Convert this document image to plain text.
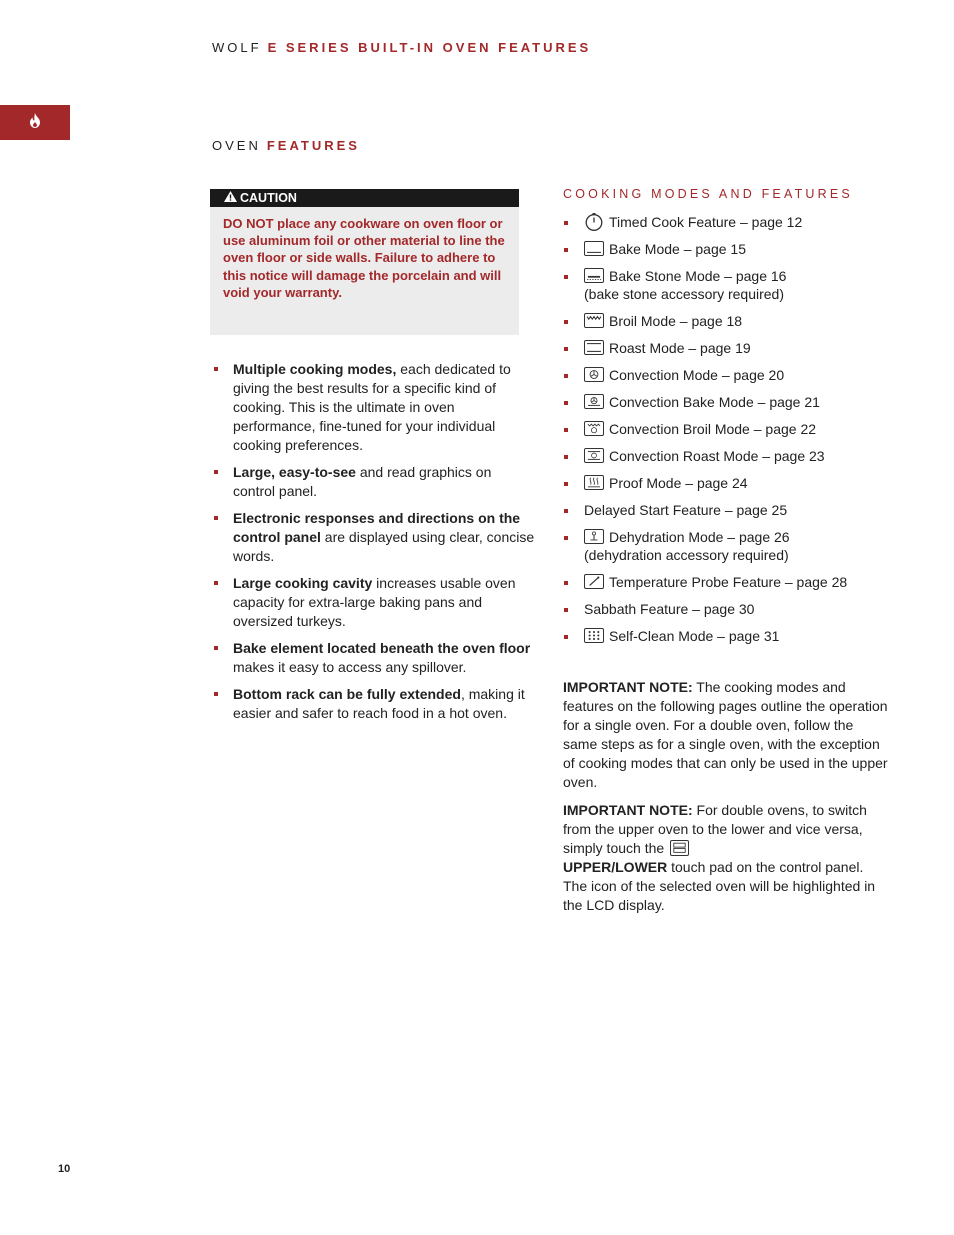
WOLF E SERIES BUILT-IN OVEN FEATURES
OVEN FEATURES
CAUTION
DO NOT place any cookware on oven floor or use aluminum foil or other material to line the oven floor or side walls. Failure to adhere to this notice will damage the porcelain and will void your warranty.
Multiple cooking modes, each dedicated to giving the best results for a specific kind of cooking. This is the ultimate in oven performance, fine-tuned for your individual cooking preferences.
Large, easy-to-see and read graphics on control panel.
Electronic responses and directions on the control panel are displayed using clear, concise words.
Large cooking cavity increases usable oven capacity for extra-large baking pans and oversized turkeys.
Bake element located beneath the oven floor makes it easy to access any spillover.
Bottom rack can be fully extended, making it easier and safer to reach food in a hot oven.
COOKING MODES AND FEATURES
Timed Cook Feature – page 12
Bake Mode – page 15
Bake Stone Mode – page 16
(bake stone accessory required)
Broil Mode – page 18
Roast Mode – page 19
Convection Mode – page 20
Convection Bake Mode – page 21
Convection Broil Mode – page 22
Convection Roast Mode – page 23
Proof Mode – page 24
Delayed Start Feature – page 25
Dehydration Mode – page 26
(dehydration accessory required)
Temperature Probe Feature – page 28
Sabbath Feature – page 30
Self-Clean Mode – page 31

IMPORTANT NOTE: The cooking modes and features on the following pages outline the operation for a single oven. For a double oven, follow the same steps as for a single oven, with the exception of cooking modes that can only be used in the upper oven.

IMPORTANT NOTE: For double ovens, to switch from the upper oven to the lower and vice versa, simply touch the

UPPER/LOWER touch pad on the control panel. The icon of the selected oven will be highlighted in the LCD display.

10
